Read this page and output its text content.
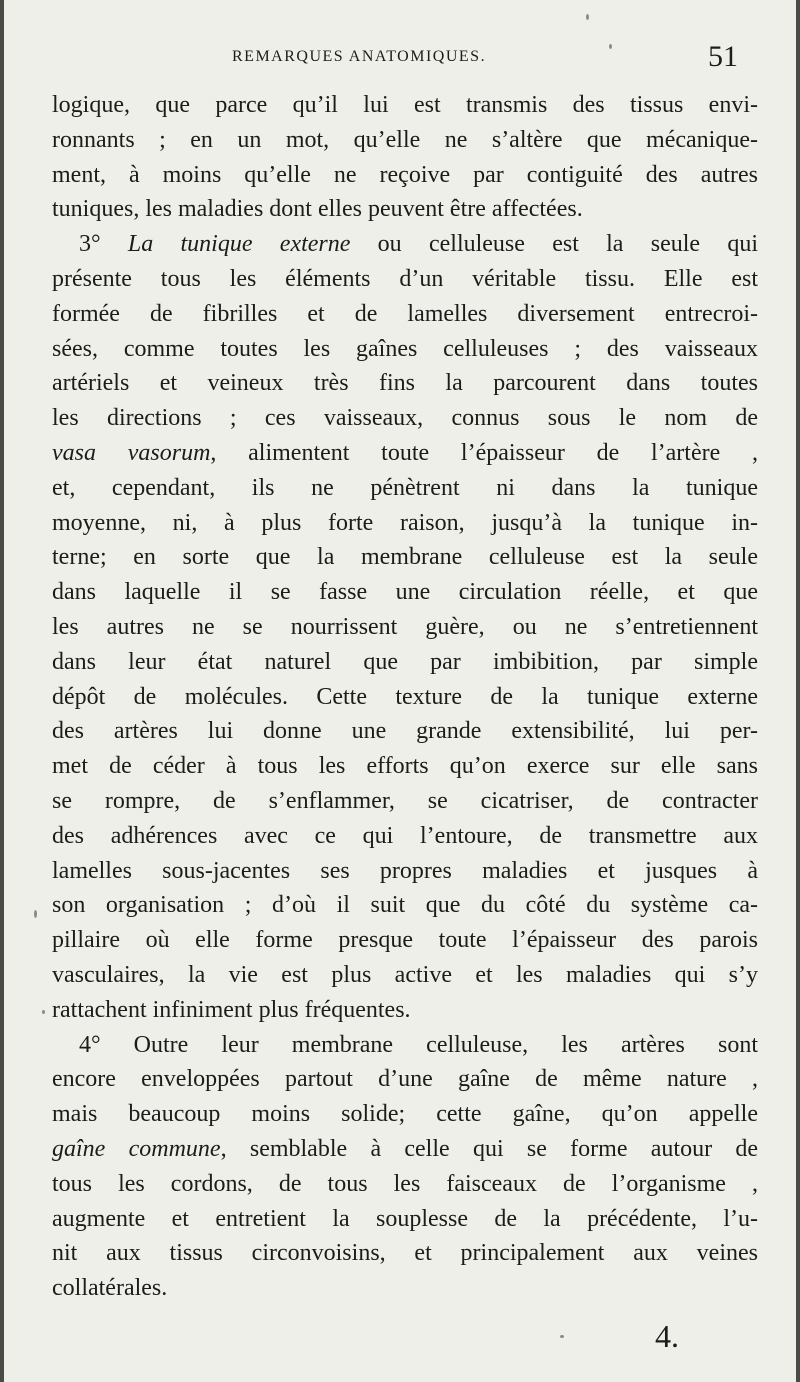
REMARQUES ANATOMIQUES.	51
logique, que parce qu’il lui est transmis des tissus envi-
ronnants ; en un mot, qu’elle ne s’altère que mécanique-
ment, à moins qu’elle ne reçoive par contiguité des autres
tuniques, les maladies dont elles peuvent être affectées.
3° La tunique externe ou celluleuse est la seule qui
présente tous les éléments d’un véritable tissu. Elle est
formée de fibrilles et de lamelles diversement entrecroi-
sées, comme toutes les gaînes celluleuses ; des vaisseaux
artériels et veineux très fins la parcourent dans toutes
les directions ; ces vaisseaux, connus sous le nom de
vasa vasorum, alimentent toute l’épaisseur de l’artère ,
et, cependant, ils ne pénètrent ni dans la tunique
moyenne, ni, à plus forte raison, jusqu’à la tunique in-
terne; en sorte que la membrane celluleuse est la seule
dans laquelle il se fasse une circulation réelle, et que
les autres ne se nourrissent guère, ou ne s’entretiennent
dans leur état naturel que par imbibition, par simple
dépôt de molécules. Cette texture de la tunique externe
des artères lui donne une grande extensibilité, lui per-
met de céder à tous les efforts qu’on exerce sur elle sans
se rompre, de s’enflammer, se cicatriser, de contracter
des adhérences avec ce qui l’entoure, de transmettre aux
lamelles sous-jacentes ses propres maladies et jusques à
son organisation ; d’où il suit que du côté du système ca-
pillaire où elle forme presque toute l’épaisseur des parois
vasculaires, la vie est plus active et les maladies qui s’y
rattachent infiniment plus fréquentes.
4° Outre leur membrane celluleuse, les artères sont
encore enveloppées partout d’une gaîne de même nature ,
mais beaucoup moins solide; cette gaîne, qu’on appelle
gaîne commune, semblable à celle qui se forme autour de
tous les cordons, de tous les faisceaux de l’organisme ,
augmente et entretient la souplesse de la précédente, l’u-
nit aux tissus circonvoisins, et principalement aux veines
collatérales.
4.
